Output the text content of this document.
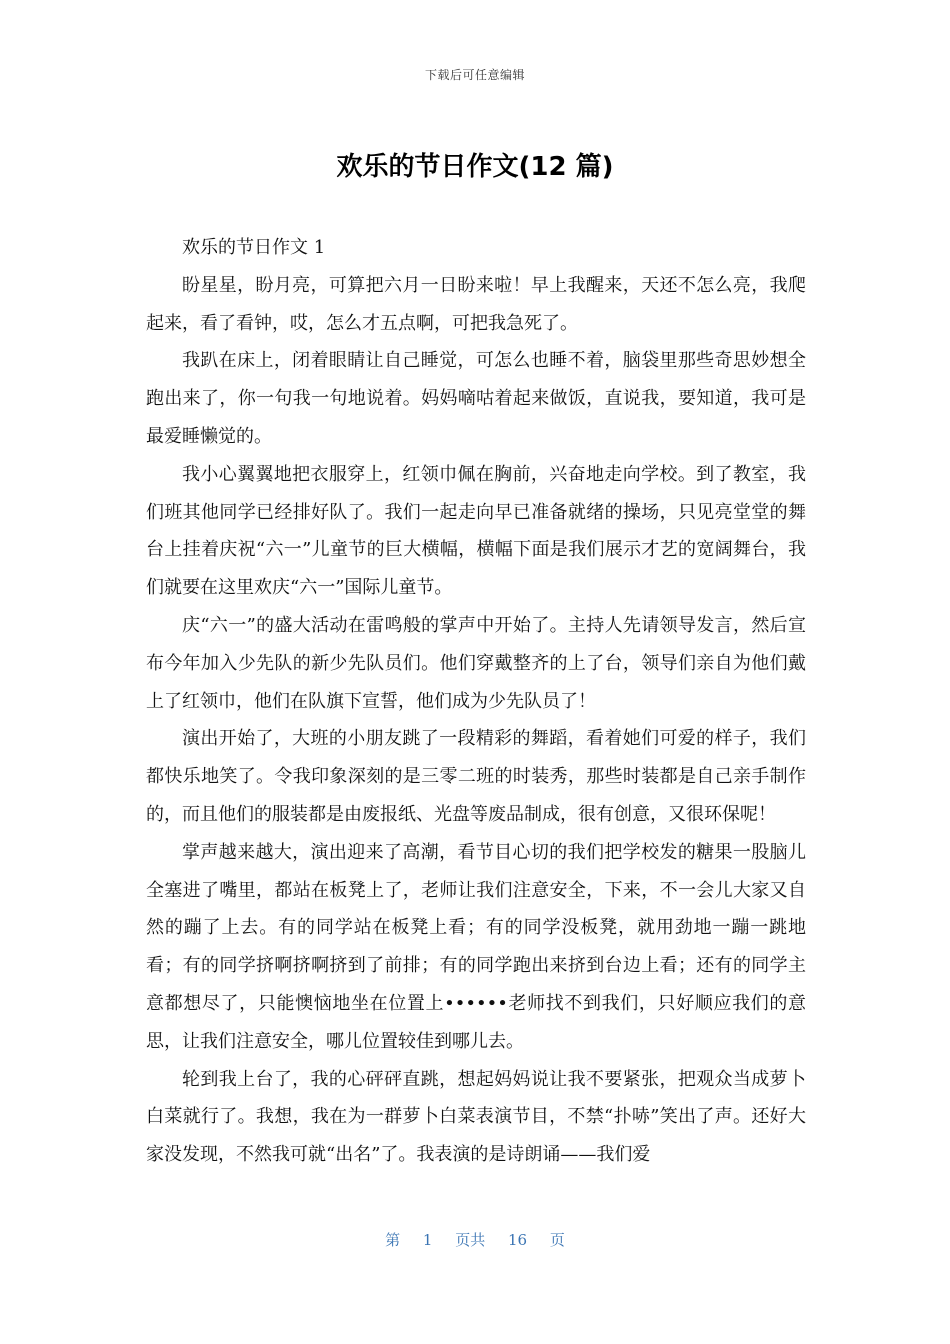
下载后可任意编辑
欢乐的节日作文(12 篇)

欢乐的节日作文 1

盼星星，盼月亮，可算把六月一日盼来啦！早上我醒来，天还不怎么亮，我爬起来，看了看钟，哎，怎么才五点啊，可把我急死了。

我趴在床上，闭着眼睛让自己睡觉，可怎么也睡不着，脑袋里那些奇思妙想全跑出来了，你一句我一句地说着。妈妈嘀咕着起来做饭，直说我，要知道，我可是最爱睡懒觉的。

我小心翼翼地把衣服穿上，红领巾佩在胸前，兴奋地走向学校。到了教室，我们班其他同学已经排好队了。我们一起走向早已准备就绪的操场，只见亮堂堂的舞台上挂着庆祝“六一”儿童节的巨大横幅，横幅下面是我们展示才艺的宽阔舞台，我们就要在这里欢庆“六一”国际儿童节。

庆“六一”的盛大活动在雷鸣般的掌声中开始了。主持人先请领导发言，然后宣布今年加入少先队的新少先队员们。他们穿戴整齐的上了台，领导们亲自为他们戴上了红领巾，他们在队旗下宣誓，他们成为少先队员了！

演出开始了，大班的小朋友跳了一段精彩的舞蹈，看着她们可爱的样子，我们都快乐地笑了。令我印象深刻的是三零二班的时装秀，那些时装都是自己亲手制作的，而且他们的服装都是由废报纸、光盘等废品制成，很有创意，又很环保呢！

掌声越来越大，演出迎来了高潮，看节目心切的我们把学校发的糖果一股脑儿全塞进了嘴里，都站在板凳上了，老师让我们注意安全，下来，不一会儿大家又自然的蹦了上去。有的同学站在板凳上看；有的同学没板凳，就用劲地一蹦一跳地看；有的同学挤啊挤啊挤到了前排；有的同学跑出来挤到台边上看；还有的同学主意都想尽了，只能懊恼地坐在位置上••••••老师找不到我们，只好顺应我们的意思，让我们注意安全，哪儿位置较佳到哪儿去。

轮到我上台了，我的心砰砰直跳，想起妈妈说让我不要紧张，把观众当成萝卜白菜就行了。我想，我在为一群萝卜白菜表演节目，不禁“扑哧”笑出了声。还好大家没发现，不然我可就“出名”了。我表演的是诗朗诵——我们爱

第 1 页共 16 页
